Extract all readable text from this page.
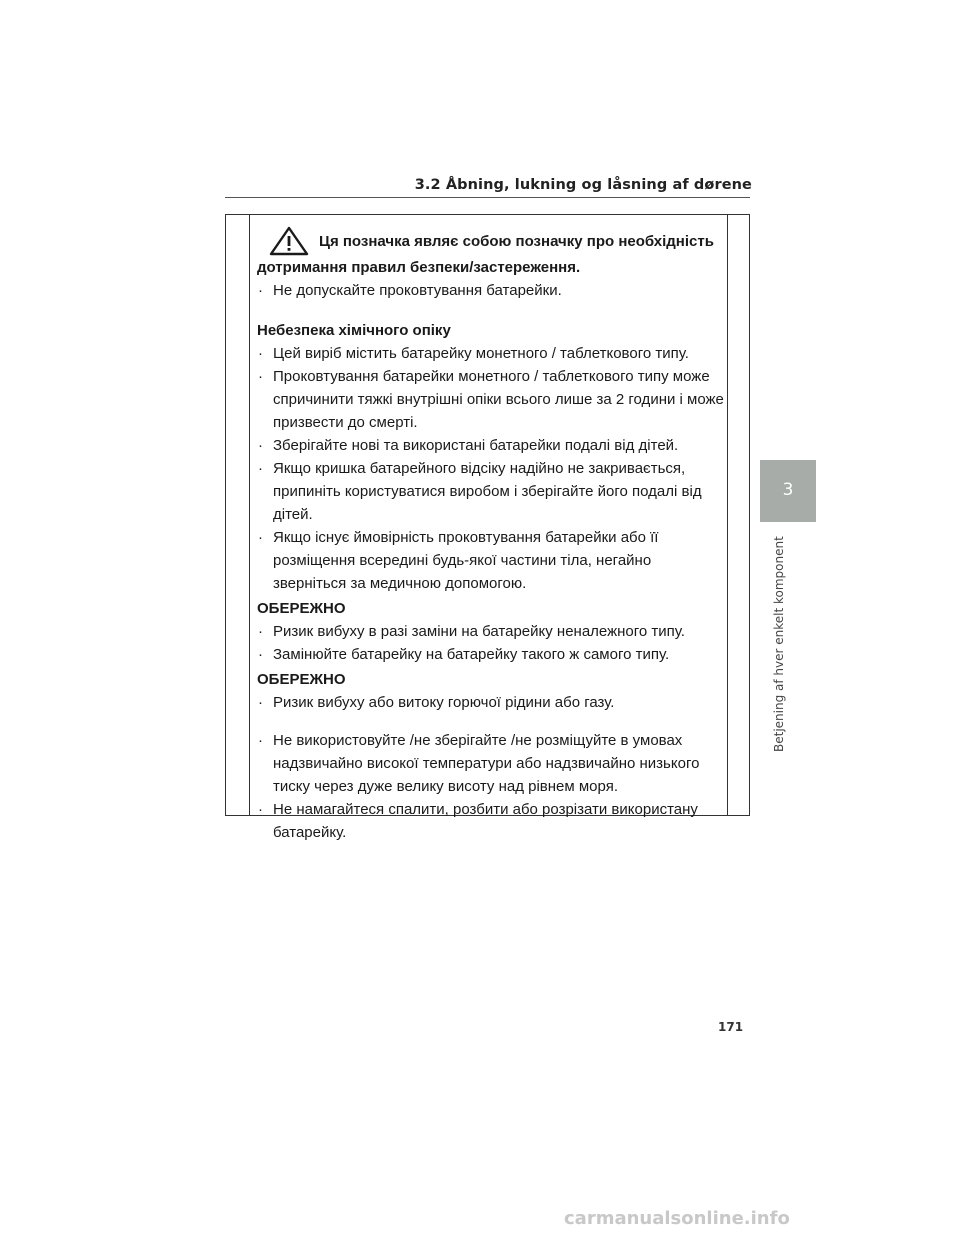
3.2 Åbning, lukning og låsning af dørene
3
Betjening af hver enkelt komponent
Ця позначка являє собою позначку про необхідність
дотримання правил безпеки/застереження.
· Не допускайте проковтування батарейки.
Небезпека хімічного опіку
· Цей виріб містить батарейку монетного / таблеткового типу.
· Проковтування батарейки монетного / таблеткового типу може спричинити тяжкі внутрішні опіки всього лише за 2 години і може призвести до смерті.
· Зберігайте нові та використані батарейки подалі від дітей.
· Якщо кришка батарейного відсіку надійно не закривається, припиніть користуватися виробом і зберігайте його подалі від дітей.
· Якщо існує ймовірність проковтування батарейки або її розміщення всередині будь-якої частини тіла, негайно зверніться за медичною допомогою.
ОБЕРЕЖНО
· Ризик вибуху в разі заміни на батарейку неналежного типу.
· Замінюйте батарейку на батарейку такого ж самого типу.
ОБЕРЕЖНО
· Ризик вибуху або витоку горючої рідини або газу.
· Не використовуйте /не зберігайте /не розміщуйте в умовах надзвичайно високої температури або надзвичайно низького тиску через дуже велику висоту над рівнем моря.
· Не намагайтеся спалити, розбити або розрізати використану батарейку.
171
carmanualsonline.info
